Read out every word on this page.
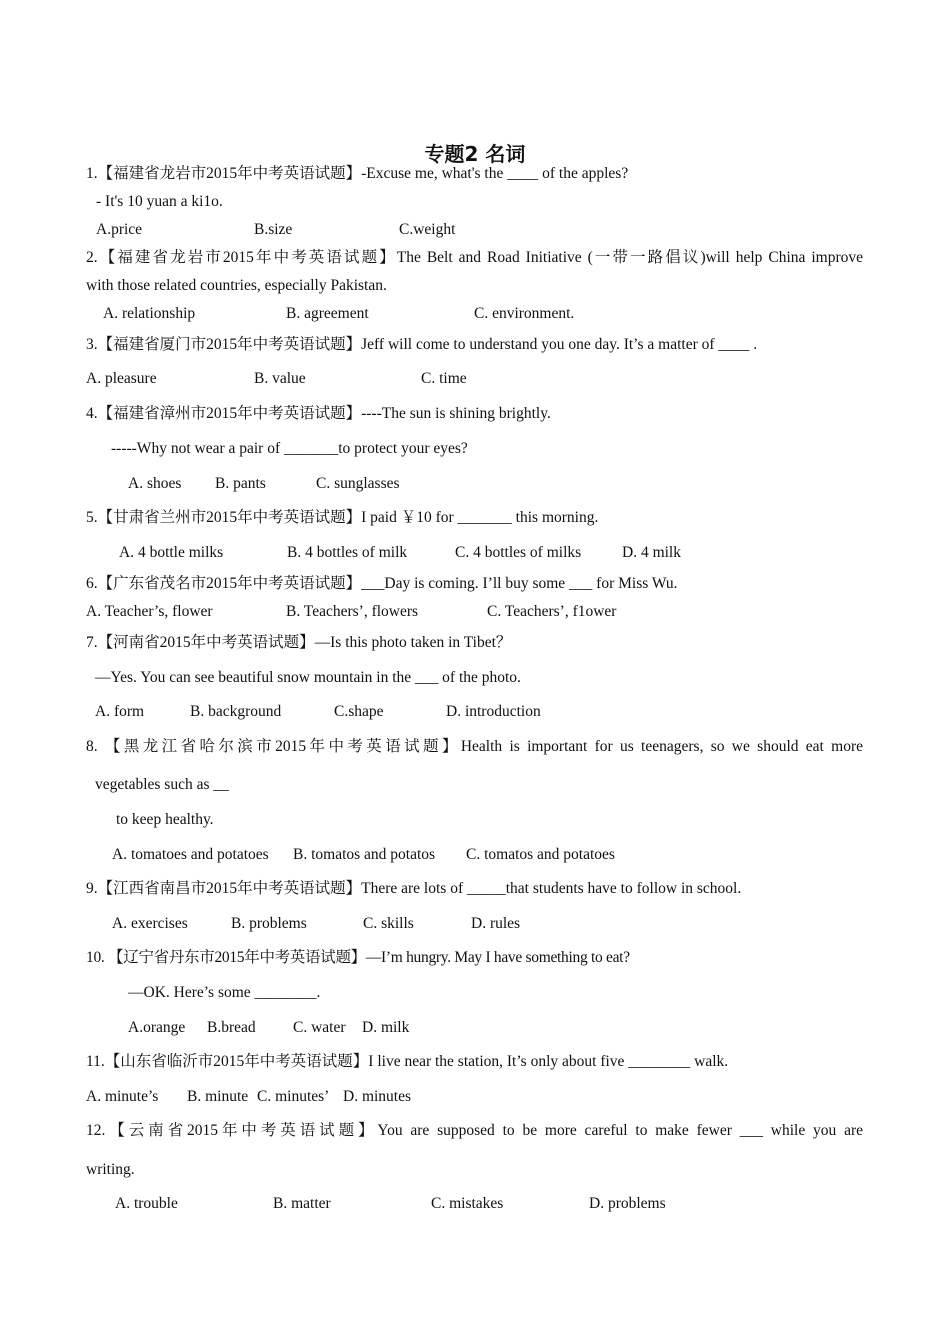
专题2 名词
1.【福建省龙岩市2015年中考英语试题】-Excuse me, what's the ____ of the apples?
- It's 10 yuan a ki1o.
A.price	B.size	C.weight
2.【福建省龙岩市2015年中考英语试题】The Belt and Road Initiative (一带一路倡议)will help China improve
with those related countries, especially Pakistan.
A. relationship	B. agreement	C. environment.
3.【福建省厦门市2015年中考英语试题】Jeff will come to understand you one day. It’s a matter of ____ .
A. pleasure	B. value	C. time
4.【福建省漳州市2015年中考英语试题】----The sun is shining brightly.
-----Why not wear a pair of _______to protect your eyes?
A. shoes B. pants	C. sunglasses
5.【甘肃省兰州市2015年中考英语试题】I paid ￥10 for _______ this morning.
A. 4 bottle milks	B. 4 bottles of milk	C. 4 bottles of milks	D. 4 milk
6.【广东省茂名市2015年中考英语试题】___Day is coming. I’ll buy some ___ for Miss Wu.
A. Teacher’s, flower	B. Teachers’, flowers	C. Teachers’, f1ower
7.【河南省2015年中考英语试题】—Is this photo taken in Tibet？
—Yes. You can see beautiful snow mountain in the ___ of the photo.
A. form	B. background	C.shape	D. introduction
8. 【黑龙江省哈尔滨市2015年中考英语试题】Health is important for us teenagers, so we should eat more
vegetables such as __
to keep healthy.
A. tomatoes and potatoes B. tomatos and potatos C. tomatos and potatoes
9.【江西省南昌市2015年中考英语试题】There are lots of _____that students have to follow in school.
A. exercises	B. problems	C. skills	D. rules
10. 【辽宁省丹东市2015年中考英语试题】—I’m hungry. May I have something to eat?
—OK. Here’s some ________.
A.orange B.bread C. water D. milk
11.【山东省临沂市2015年中考英语试题】I live near the station, It’s only about five ________ walk.
A. minute’s B. minute C. minutes’ D. minutes
12.【云南省2015年中考英语试题】You are supposed to be more careful to make fewer ___ while you are
writing.
A. trouble	B. matter	C. mistakes	D. problems
